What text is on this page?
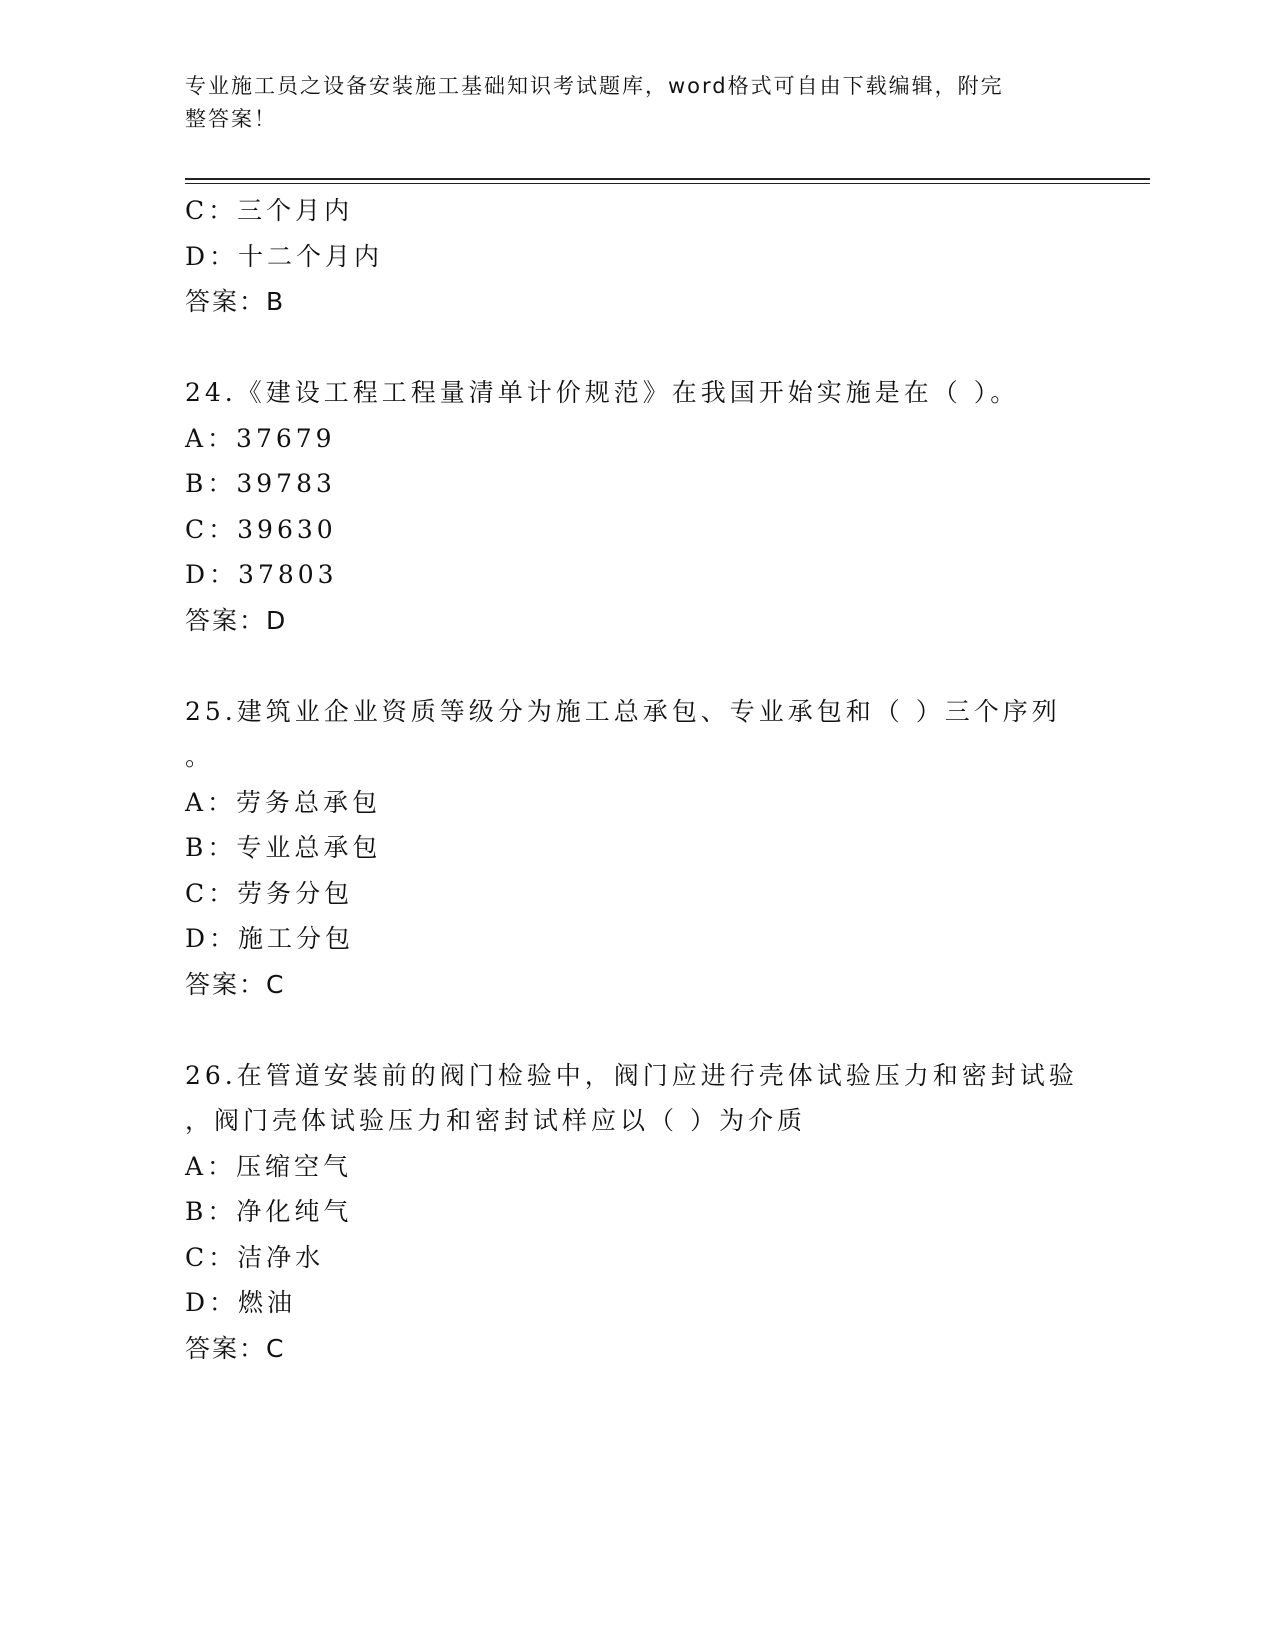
专业施工员之设备安装施工基础知识考试题库，word格式可自由下载编辑，附完
整答案！
C：三个月内
D：十二个月内
答案：B
24.《建设工程工程量清单计价规范》在我国开始实施是在（ ）。
A：37679
B：39783
C：39630
D：37803
答案：D
25.建筑业企业资质等级分为施工总承包、专业承包和（ ）三个序列
。
A：劳务总承包
B：专业总承包
C：劳务分包
D：施工分包
答案：C
26.在管道安装前的阀门检验中，阀门应进行壳体试验压力和密封试验
，阀门壳体试验压力和密封试样应以（ ）为介质
A：压缩空气
B：净化纯气
C：洁净水
D：燃油
答案：C
